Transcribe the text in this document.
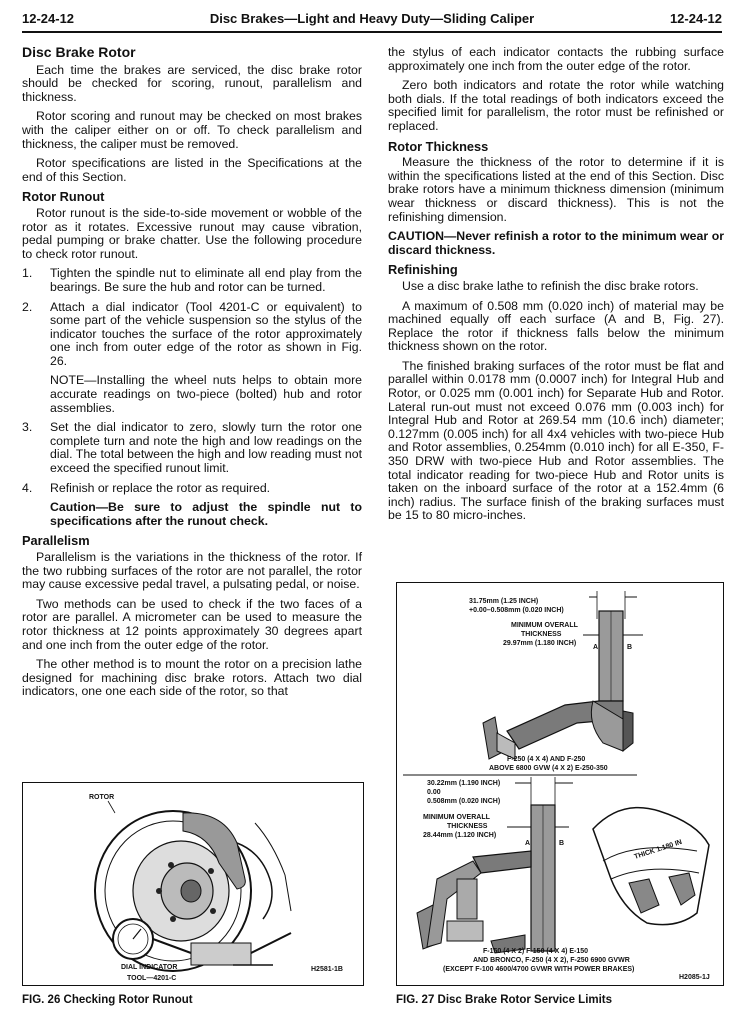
12-24-12	Disc Brakes—Light and Heavy Duty—Sliding Caliper	12-24-12
Disc Brake Rotor

Each time the brakes are serviced, the disc brake rotor should be checked for scoring, runout, parallelism and thickness.

Rotor scoring and runout may be checked on most brakes with the caliper either on or off. To check parallelism and thickness, the caliper must be removed.

Rotor specifications are listed in the Specifications at the end of this Section.

Rotor Runout

Rotor runout is the side-to-side movement or wobble of the rotor as it rotates. Excessive runout may cause vibration, pedal pumping or brake chatter. Use the following procedure to check rotor runout.

1. Tighten the spindle nut to eliminate all end play from the bearings. Be sure the hub and rotor can be turned.
2. Attach a dial indicator (Tool 4201-C or equivalent) to some part of the vehicle suspension so the stylus of the indicator touches the surface of the rotor approximately one inch from outer edge of the rotor as shown in Fig. 26.
NOTE—Installing the wheel nuts helps to obtain more accurate readings on two-piece (bolted) hub and rotor assemblies.
3. Set the dial indicator to zero, slowly turn the rotor one complete turn and note the high and low readings on the dial. The total between the high and low reading must not exceed the specified runout limit.
4. Refinish or replace the rotor as required.
Caution—Be sure to adjust the spindle nut to specifications after the runout check.
Parallelism

Parallelism is the variations in the thickness of the rotor. If the two rubbing surfaces of the rotor are not parallel, the rotor may cause excessive pedal travel, a pulsating pedal, or noise.

Two methods can be used to check if the two faces of a rotor are parallel. A micrometer can be used to measure the rotor thickness at 12 points approximately 30 degrees apart and one inch from the outer edge of the rotor.

The other method is to mount the rotor on a precision lathe designed for machining disc brake rotors. Attach two dial indicators, one one each side of the rotor, so that

the stylus of each indicator contacts the rubbing surface approximately one inch from the outer edge of the rotor.

Zero both indicators and rotate the rotor while watching both dials. If the total readings of both indicators exceed the specified limit for parallelism, the rotor must be refinished or replaced.

Rotor Thickness

Measure the thickness of the rotor to determine if it is within the specifications listed at the end of this Section. Disc brake rotors have a minimum thickness dimension (minimum wear thickness or discard thickness). This is not the refinishing dimension.

CAUTION—Never refinish a rotor to the minimum wear or discard thickness.

Refinishing

Use a disc brake lathe to refinish the disc brake rotors.

A maximum of 0.508 mm (0.020 inch) of material may be machined equally off each surface (A and B, Fig. 27). Replace the rotor if thickness falls below the minimum thickness shown on the rotor.

The finished braking surfaces of the rotor must be flat and parallel within 0.0178 mm (0.0007 inch) for Integral Hub and Rotor, or 0.025 mm (0.001 inch) for Separate Hub and Rotor. Lateral run-out must not exceed 0.076 mm (0.003 inch) for Integral Hub and Rotor at 269.54 mm (10.6 inch) diameter; 0.127mm (0.005 inch) for all 4x4 vehicles with two-piece Hub and Rotor assemblies, 0.254mm (0.010 inch) for all E-350, F-350 DRW with two-piece Hub and Rotor assemblies. The total indicator reading for two-piece Hub and Rotor units is taken on the inboard surface of the rotor at a 152.4mm (6 inch) radius. The surface finish of the braking surfaces must be 15 to 80 micro-inches.

ROTOR
DIAL INDICATOR
TOOL—4201-C
H2581-1B
FIG. 26 Checking Rotor Runout
31.75mm (1.25 INCH)
+0.00–0.508mm (0.020 INCH)
MINIMUM OVERALL
THICKNESS
29.97mm (1.180 INCH)
A	B
F-250 (4 X 4) AND F-250
ABOVE 6800 GVW (4 X 2) E-250-350
30.22mm (1.190 INCH)
0.00
0.508mm (0.020 INCH)
MINIMUM OVERALL
THICKNESS
28.44mm (1.120 INCH)
A	B	THICK 1.180 IN
F-150 (4 X 2) F-150 (4 X 4) E-150
AND BRONCO, F-250 (4 X 2), F-250 6900 GVWR
(EXCEPT F-100 4600/4700 GVWR WITH POWER BRAKES)
H2085-1J
FIG. 27 Disc Brake Rotor Service Limits
